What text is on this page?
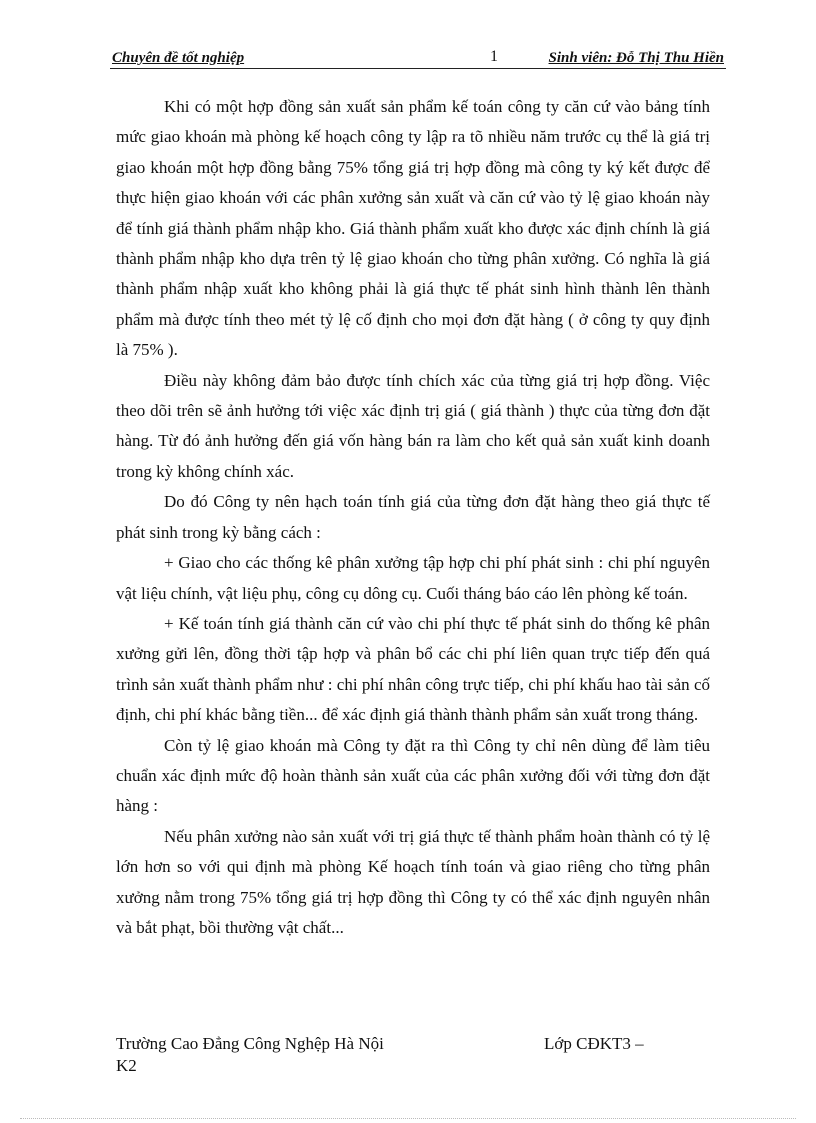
Chuyên đề tốt nghiệp	1	Sinh viên: Đỗ Thị Thu Hiền

Khi có một hợp đồng sản xuất sản phẩm kế toán công ty căn cứ vào bảng tính mức giao khoán mà phòng kế hoạch công ty lập ra tõ nhiều năm trước cụ thể là giá trị giao khoán một hợp đồng bằng 75% tổng giá trị hợp đồng mà công ty ký kết được để thực hiện giao khoán với các phân xưởng sản xuất và căn cứ vào tỷ lệ giao khoán này để tính giá thành phẩm nhập kho. Giá thành phẩm xuất kho được xác định chính là giá thành phẩm nhập kho dựa trên tỷ lệ giao khoán cho từng phân xưởng. Có nghĩa là giá thành phẩm nhập xuất kho không phải là giá thực tế phát sinh hình thành lên thành phẩm mà được tính theo mét tỷ lệ cố định cho mọi đơn đặt hàng ( ở công ty quy định là 75% ).

Điều này không đảm bảo được tính chích xác của từng giá trị hợp đồng. Việc theo dõi trên sẽ ảnh hưởng tới việc xác định trị giá ( giá thành ) thực của từng đơn đặt hàng. Từ đó ảnh hưởng đến giá vốn hàng bán ra làm cho kết quả sản xuất kinh doanh trong kỳ không chính xác.

Do đó Công ty nên hạch toán tính giá của từng đơn đặt hàng theo giá thực tế phát sinh trong kỳ bằng cách :

+ Giao cho các thống kê phân xưởng tập hợp chi phí phát sinh : chi phí nguyên vật liệu chính, vật liệu phụ, công cụ dông cụ. Cuối tháng báo cáo lên phòng kế toán.

+ Kế toán tính giá thành căn cứ vào chi phí thực tế phát sinh do thống kê phân xưởng gửi lên, đồng thời tập hợp và phân bổ các chi phí liên quan trực tiếp đến quá trình sản xuất thành phẩm như : chi phí nhân công trực tiếp, chi phí khấu hao tài sản cố định, chi phí khác bằng tiền... để xác định giá thành thành phẩm sản xuất trong tháng.

Còn tỷ lệ giao khoán mà Công ty đặt ra thì Công ty chỉ nên dùng để làm tiêu chuẩn xác định mức độ hoàn thành sản xuất của các phân xưởng đối với từng đơn đặt hàng :

Nếu phân xưởng nào sản xuất với trị giá thực tế thành phẩm hoàn thành có tỷ lệ lớn hơn so với qui định mà phòng Kế hoạch tính toán và giao riêng cho từng phân xưởng nằm trong 75% tổng giá trị hợp đồng thì Công ty có thể xác định nguyên nhân và bắt phạt, bồi thường vật chất...

Trường Cao Đẳng Công Nghệp Hà Nội	Lớp CĐKT3 –
K2
